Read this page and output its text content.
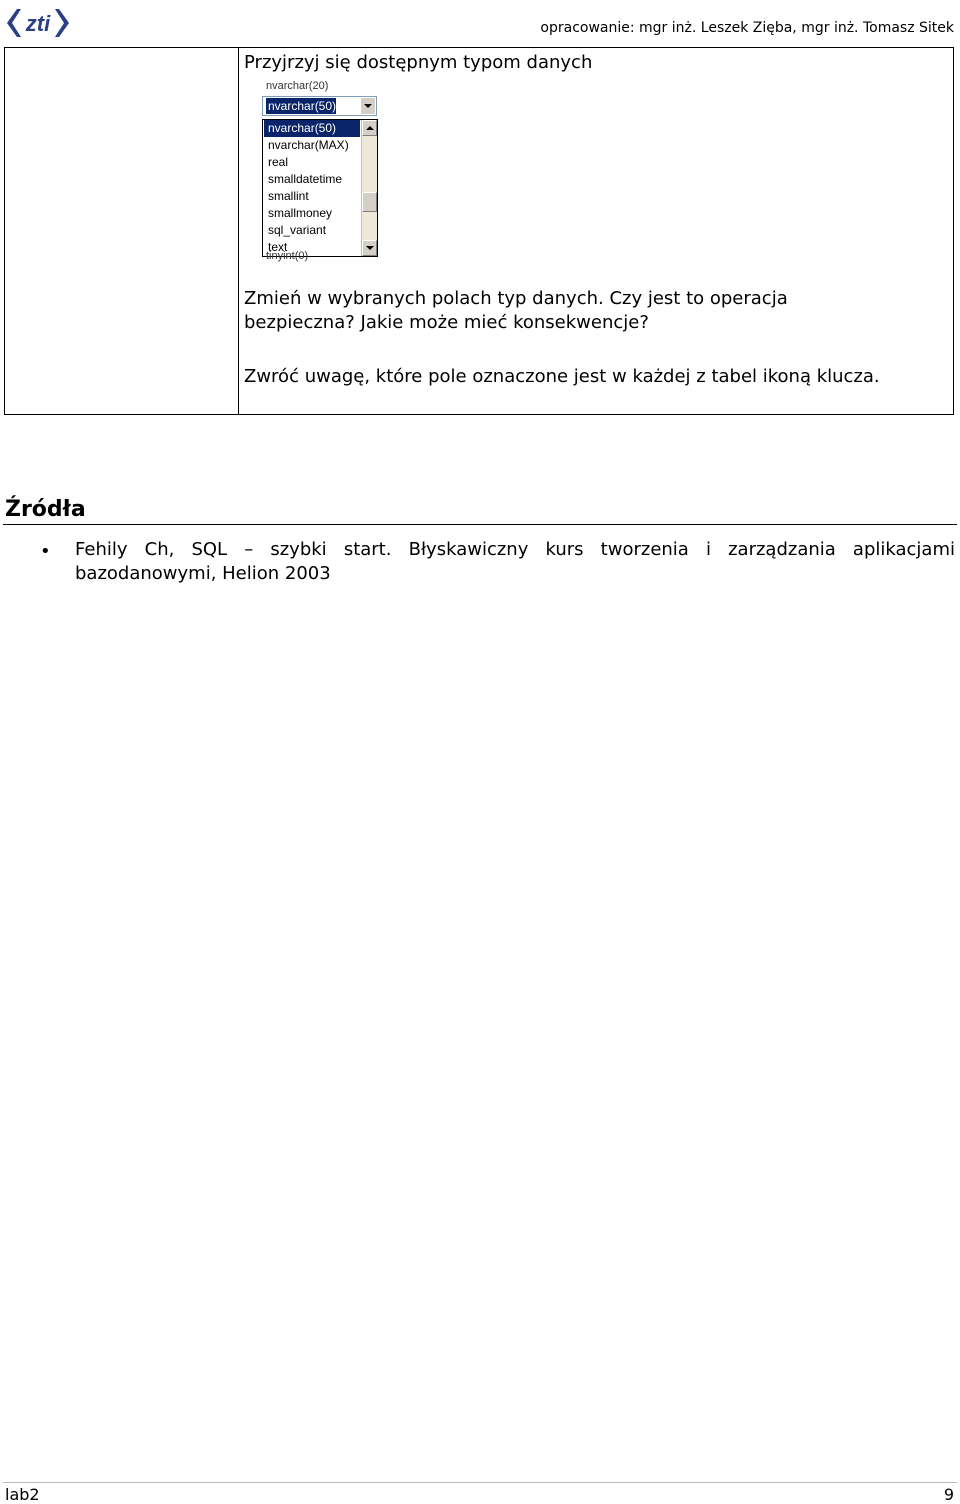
zti	opracowanie: mgr inż. Leszek Zięba, mgr inż. Tomasz Sitek
Przyjrzyj się dostępnym typom danych
nvarchar(20)
nvarchar(50)
nvarchar(50)
nvarchar(MAX)
real
smalldatetime
smallint
smallmoney
sql_variant
text
tinyint(0)
Zmień w wybranych polach typ danych. Czy jest to operacja
bezpieczna? Jakie może mieć konsekwencje?
Zwróć uwagę, które pole oznaczone jest w każdej z tabel ikoną klucza.
Źródła
• Fehily Ch, SQL – szybki start. Błyskawiczny kurs tworzenia i zarządzania aplikacjami
bazodanowymi, Helion 2003
lab2	9
